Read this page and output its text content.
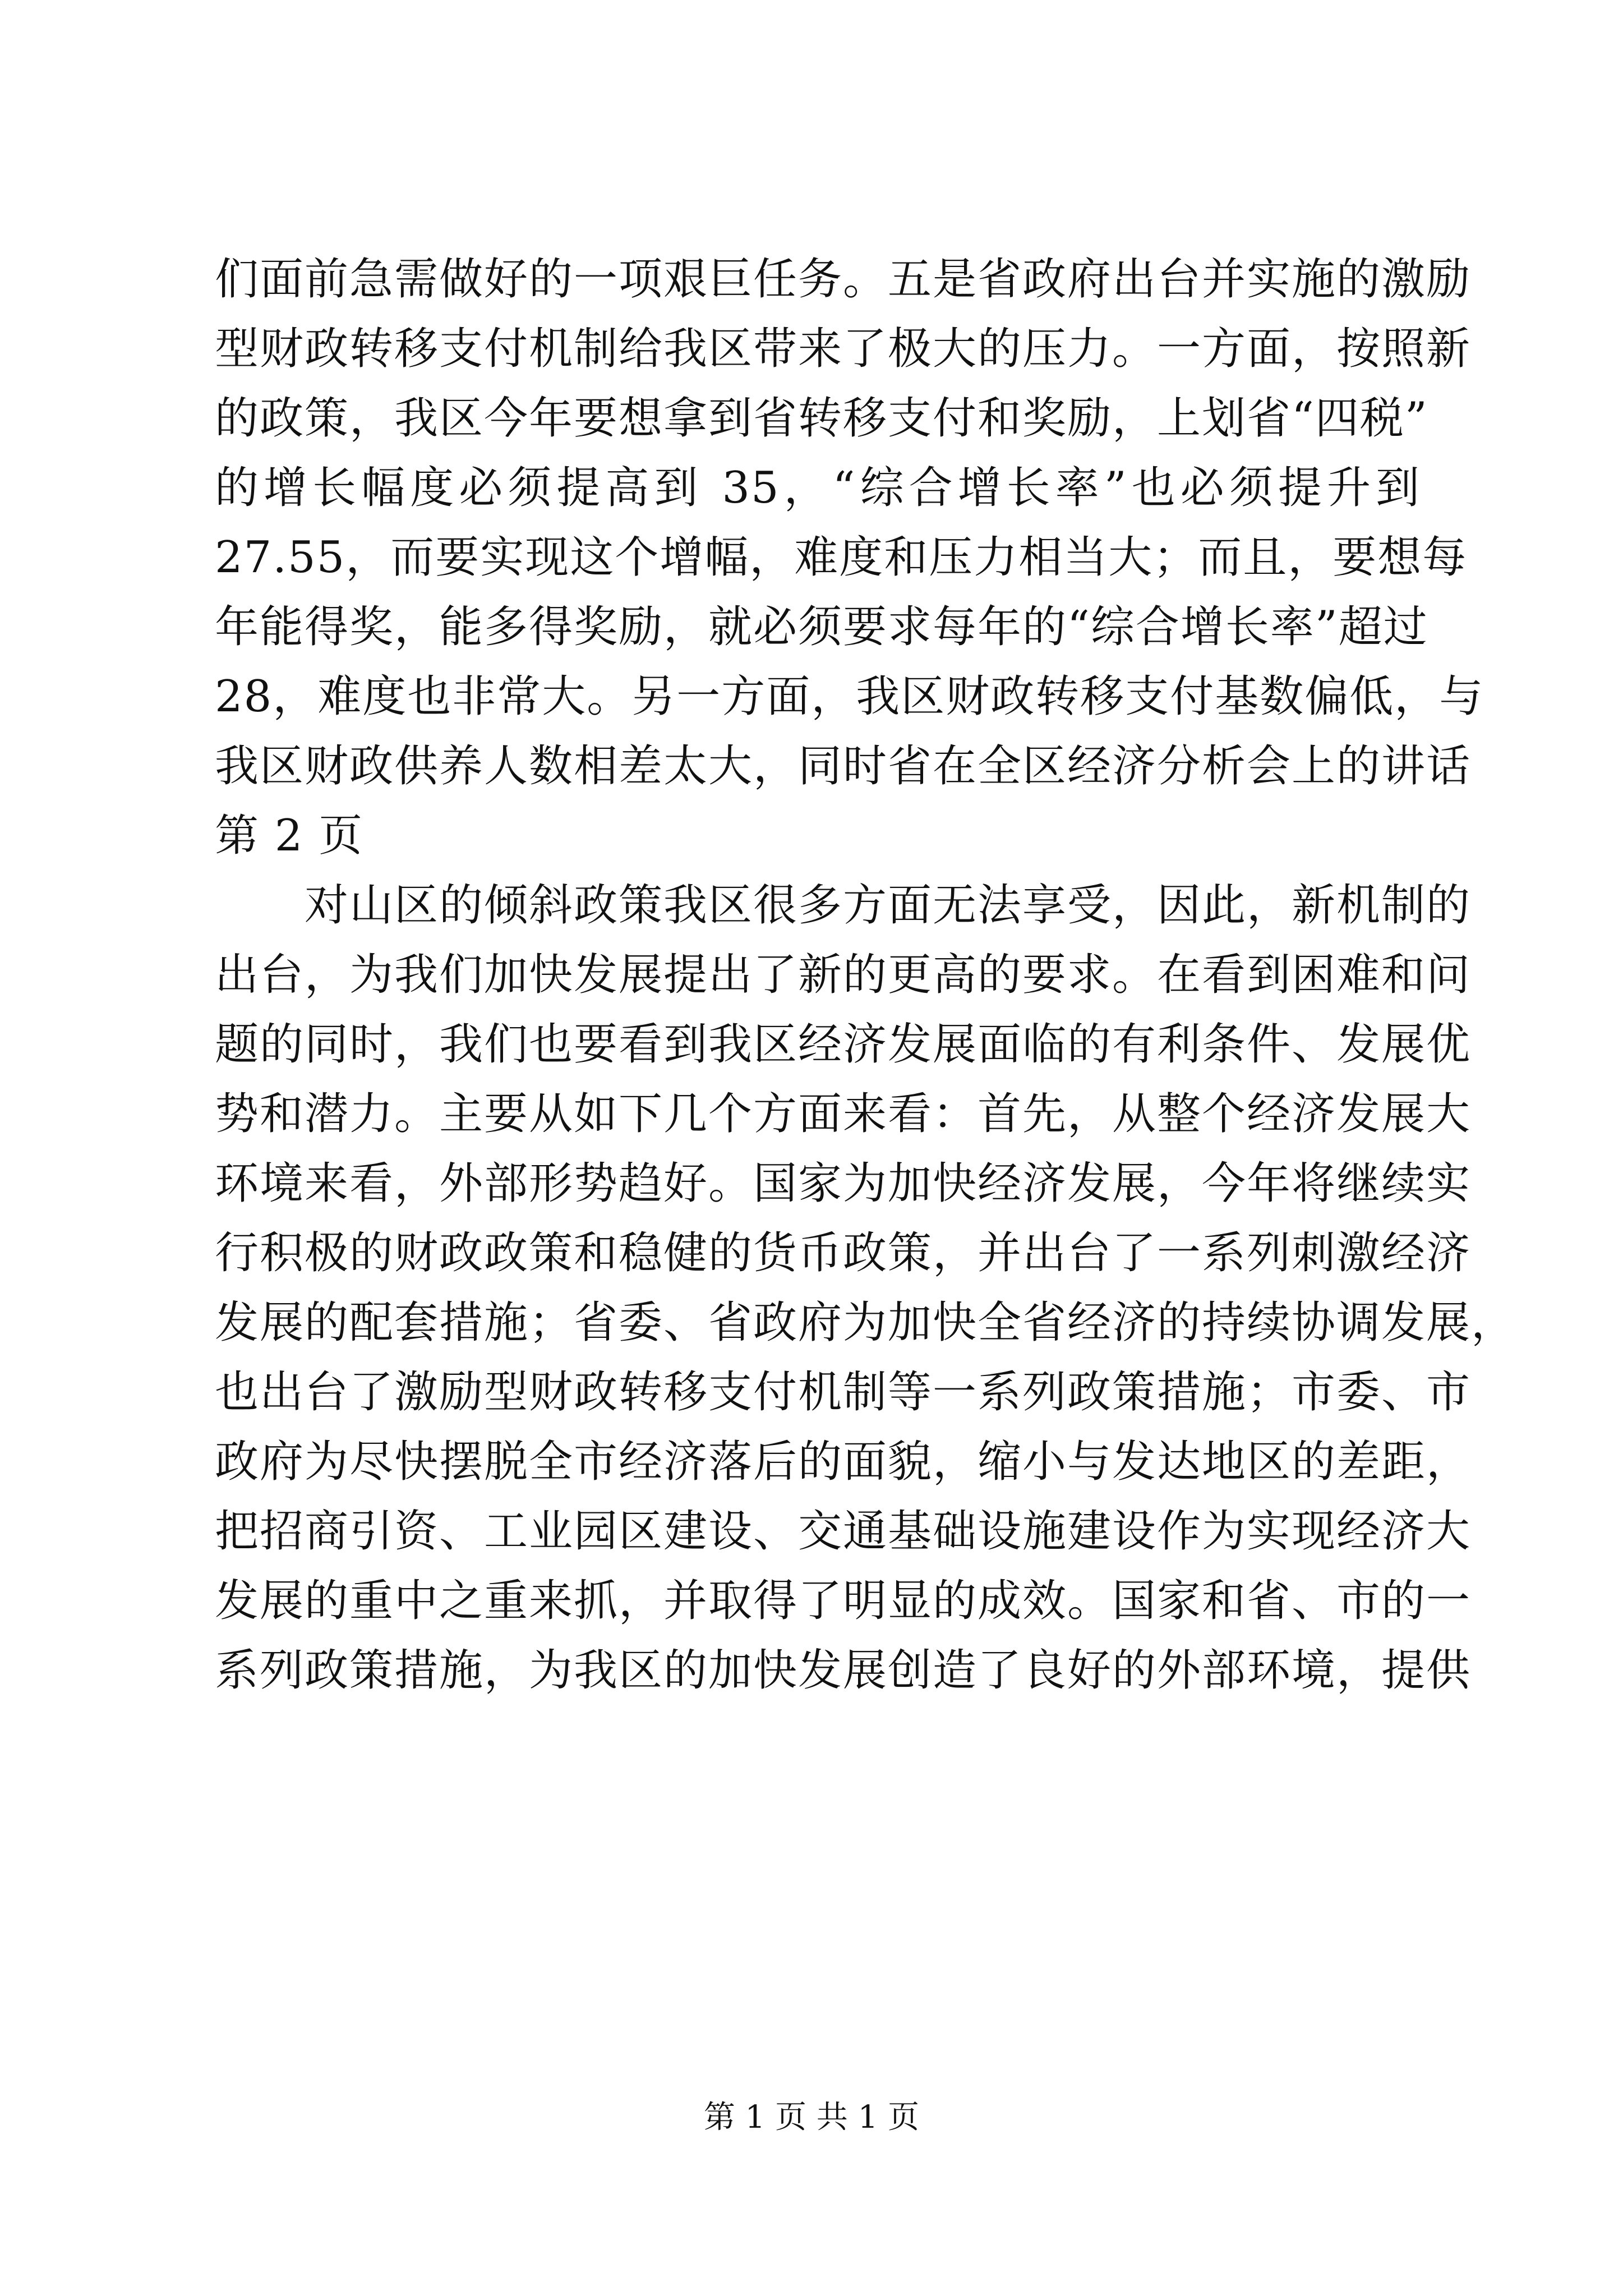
们面前急需做好的一项艰巨任务。五是省政府出台并实施的激励
型财政转移支付机制给我区带来了极大的压力。一方面，按照新
的政策，我区今年要想拿到省转移支付和奖励，上划省“四税”
的增长幅度必须提高到 35，“综合增长率”也必须提升到
27.55，而要实现这个增幅，难度和压力相当大；而且，要想每
年能得奖，能多得奖励，就必须要求每年的“综合增长率”超过
28，难度也非常大。另一方面，我区财政转移支付基数偏低，与
我区财政供养人数相差太大，同时省在全区经济分析会上的讲话
第 2 页
对山区的倾斜政策我区很多方面无法享受，因此，新机制的
出台，为我们加快发展提出了新的更高的要求。在看到困难和问
题的同时，我们也要看到我区经济发展面临的有利条件、发展优
势和潜力。主要从如下几个方面来看：首先，从整个经济发展大
环境来看，外部形势趋好。国家为加快经济发展，今年将继续实
行积极的财政政策和稳健的货币政策，并出台了一系列刺激经济
发展的配套措施；省委、省政府为加快全省经济的持续协调发展，
也出台了激励型财政转移支付机制等一系列政策措施；市委、市
政府为尽快摆脱全市经济落后的面貌，缩小与发达地区的差距，
把招商引资、工业园区建设、交通基础设施建设作为实现经济大
发展的重中之重来抓，并取得了明显的成效。国家和省、市的一
系列政策措施，为我区的加快发展创造了良好的外部环境，提供
第 1 页 共 1 页
